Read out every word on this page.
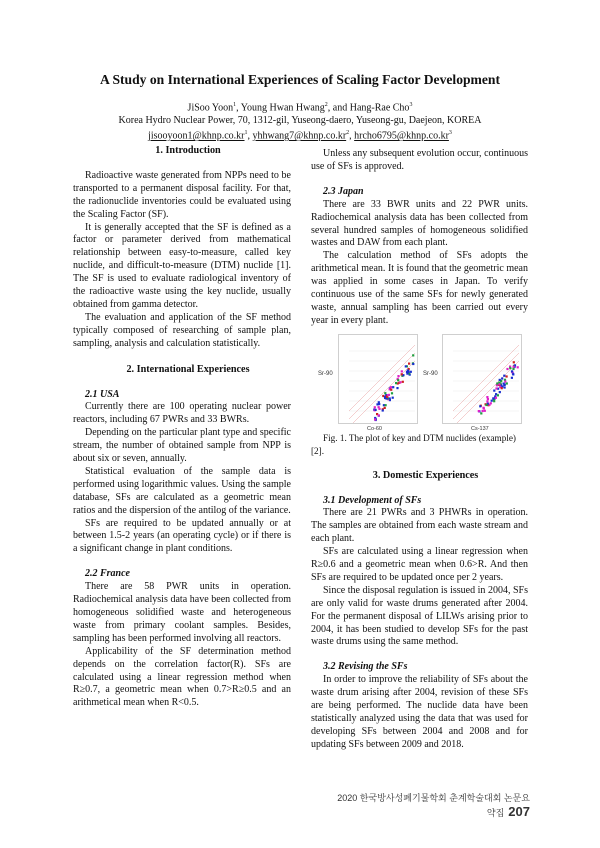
A Study on International Experiences of Scaling Factor Development
JiSoo Yoon$^1$, Young Hwan Hwang$^2$, and Hang-Rae Cho$^3$
Korea Hydro Nuclear Power, 70, 1312-gil, Yuseong-daero, Yuseong-gu, Daejeon, KOREA
$jisooyoon1@khnp.co.kr^1$, $yhhwang7@khnp.co.kr^2$, $hrcho6795@khnp.co.kr^3$

1. Introduction

Radioactive waste generated from NPPs need to be transported to a permanent disposal facility. For that, the radionuclide inventories could be evaluated using the Scaling Factor (SF).

It is generally accepted that the SF is defined as a factor or parameter derived from mathematical relationship between easy-to-measure, called key nuclide, and difficult-to-measure (DTM) nuclide [1]. The SF is used to evaluate radiological inventory of the radioactive waste using the key nuclide, usually obtained from gamma detector.

The evaluation and application of the SF method typically composed of researching of sample plan, sampling, analysis and calculation statistically.

2. International Experiences

2.1 USA

Currently there are 100 operating nuclear power reactors, including 67 PWRs and 33 BWRs.

Depending on the particular plant type and specific stream, the number of obtained sample from NPP is about six or seven, annually.

Statistical evaluation of the sample data is performed using logarithmic values. Using the sample database, SFs are calculated as a geometric mean ratios and the dispersion of the antilog of the variance.

SFs are required to be updated annually or at between 1.5-2 years (an operating cycle) or if there is a significant change in plant conditions.

2.2 France

There are 58 PWR units in operation. Radiochemical analysis data have been collected from homogeneous solidified waste and heterogeneous waste from primary coolant samples. Besides, sampling has been performed involving all reactors.

Applicability of the SF determination method depends on the correlation factor(R). SFs are calculated using a linear regression method when R≥0.7, a geometric mean when 0.7>R≥0.5 and an arithmetical mean when R<0.5.

Unless any subsequent evolution occur, continuous use of SFs is approved.

2.3 Japan

There are 33 BWR units and 22 PWR units. Radiochemical analysis data has been collected from several hundred samples of homogeneous solidified wastes and DAW from each plant.

The calculation method of SFs adopts the arithmetical mean. It is found that the geometric mean was applied in some cases in Japan. To verify continuous use of the same SFs for newly generated waste, annual sampling has been carried out every year in every plant.

Sr-90
Co-60
Sr-90
Cs-137

Fig. 1. The plot of key and DTM nuclides (example) [2].

3. Domestic Experiences

3.1 Development of SFs

There are 21 PWRs and 3 PHWRs in operation. The samples are obtained from each waste stream and each plant.

SFs are calculated using a linear regression when R≥0.6 and a geometric mean when 0.6>R. And then SFs are required to be updated once per 2 years.

Since the disposal regulation is issued in 2004, SFs are only valid for waste drums generated after 2004. For the permanent disposal of LILWs arising prior to 2004, it has been studied to develop SFs for the past waste drums using the same method.

3.2 Revising the SFs

In order to improve the reliability of SFs about the waste drum arising after 2004, revision of these SFs are being performed. The nuclide data have been statistically analyzed using the data that was used for developing SFs between 2004 and 2008 and for updating SFs between 2009 and 2018.

2020 한국방사성폐기물학회 춘계학술대회 논문요약집 207
